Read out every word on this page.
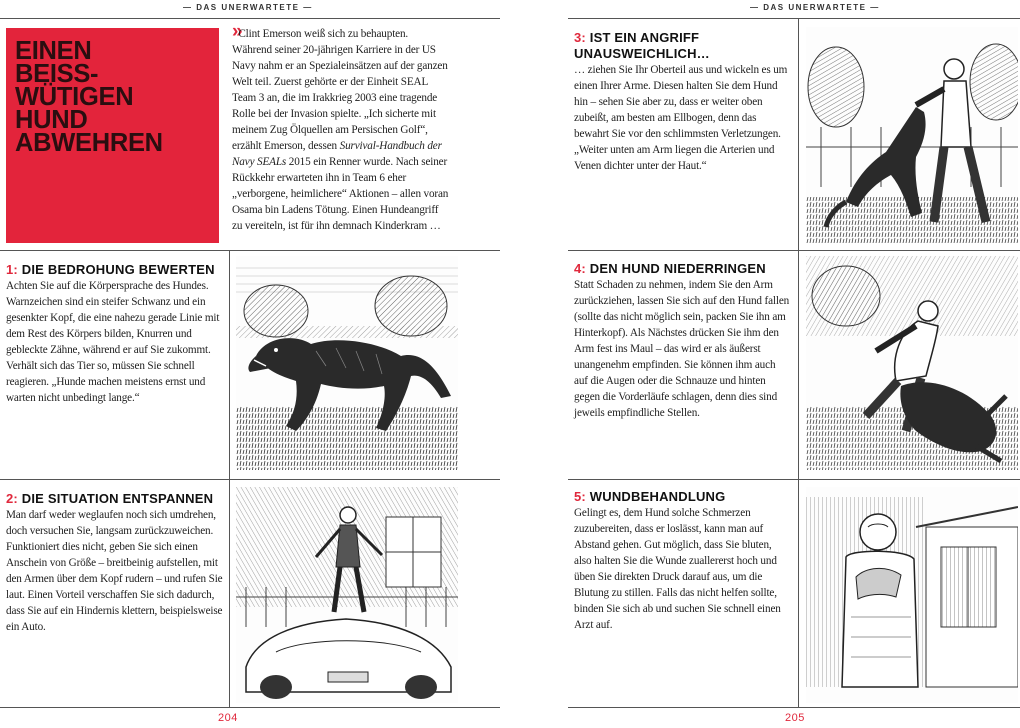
— DAS UNERWARTETE —	— DAS UNERWARTETE —
EINEN
BEISS-
WÜTIGEN
HUND
ABWEHREN
» Clint Emerson weiß sich zu behaupten. Während seiner 20-jährigen Karriere in der US Navy nahm er an Spezialeinsätzen auf der ganzen Welt teil. Zuerst gehörte er der Einheit SEAL Team 3 an, die im Irakkrieg 2003 eine tragende Rolle bei der Invasion spielte. „Ich sicherte mit meinem Zug Ölquellen am Persischen Golf“, erzählt Emerson, dessen Survival-Handbuch der Navy SEALs 2015 ein Renner wurde. Nach seiner Rückkehr erwarteten ihn in Team 6 eher „verborgene, heimlichere“ Aktionen – allen voran Osama bin Ladens Tötung. Einen Hundeangriff zu vereiteln, ist für ihn demnach Kinderkram …
1: DIE BEDROHUNG BEWERTEN
Achten Sie auf die Körpersprache des Hundes. Warnzeichen sind ein steifer Schwanz und ein gesenkter Kopf, die eine nahezu gerade Linie mit dem Rest des Körpers bilden, Knurren und gebleckte Zähne, während er auf Sie zukommt. Verhält sich das Tier so, müssen Sie schnell reagieren. „Hunde machen meistens ernst und warten nicht unbedingt lange.“
2: DIE SITUATION ENTSPANNEN
Man darf weder weglaufen noch sich umdrehen, doch versuchen Sie, langsam zurückzuweichen. Funktioniert dies nicht, geben Sie sich einen Anschein von Größe – breitbeinig aufstellen, mit den Armen über dem Kopf rudern – und rufen Sie laut. Einen Vorteil verschaffen Sie sich dadurch, dass Sie auf ein Hindernis klettern, beispielsweise ein Auto.
3: IST EIN ANGRIFF UNAUSWEICHLICH…
… ziehen Sie Ihr Oberteil aus und wickeln es um einen Ihrer Arme. Diesen halten Sie dem Hund hin – sehen Sie aber zu, dass er weiter oben zubeißt, am besten am Ellbogen, denn das bewahrt Sie vor den schlimmsten Verletzungen. „Weiter unten am Arm liegen die Arterien und Venen dichter unter der Haut.“
4: DEN HUND NIEDERRINGEN
Statt Schaden zu nehmen, indem Sie den Arm zurückziehen, lassen Sie sich auf den Hund fallen (sollte das nicht möglich sein, packen Sie ihn am Hinterkopf). Als Nächstes drücken Sie ihm den Arm fest ins Maul – das wird er als äußerst unangenehm empfinden. Sie können ihm auch auf die Augen oder die Schnauze und hinten gegen die Vorderläufe schlagen, denn dies sind jeweils empfindliche Stellen.
5: WUNDBEHANDLUNG
Gelingt es, dem Hund solche Schmerzen zuzubereiten, dass er loslässt, kann man auf Abstand gehen. Gut möglich, dass Sie bluten, also halten Sie die Wunde zuallererst hoch und üben Sie direkten Druck darauf aus, um die Blutung zu stillen. Falls das nicht helfen sollte, binden Sie sich ab und suchen Sie schnell einen Arzt auf.
204	205
